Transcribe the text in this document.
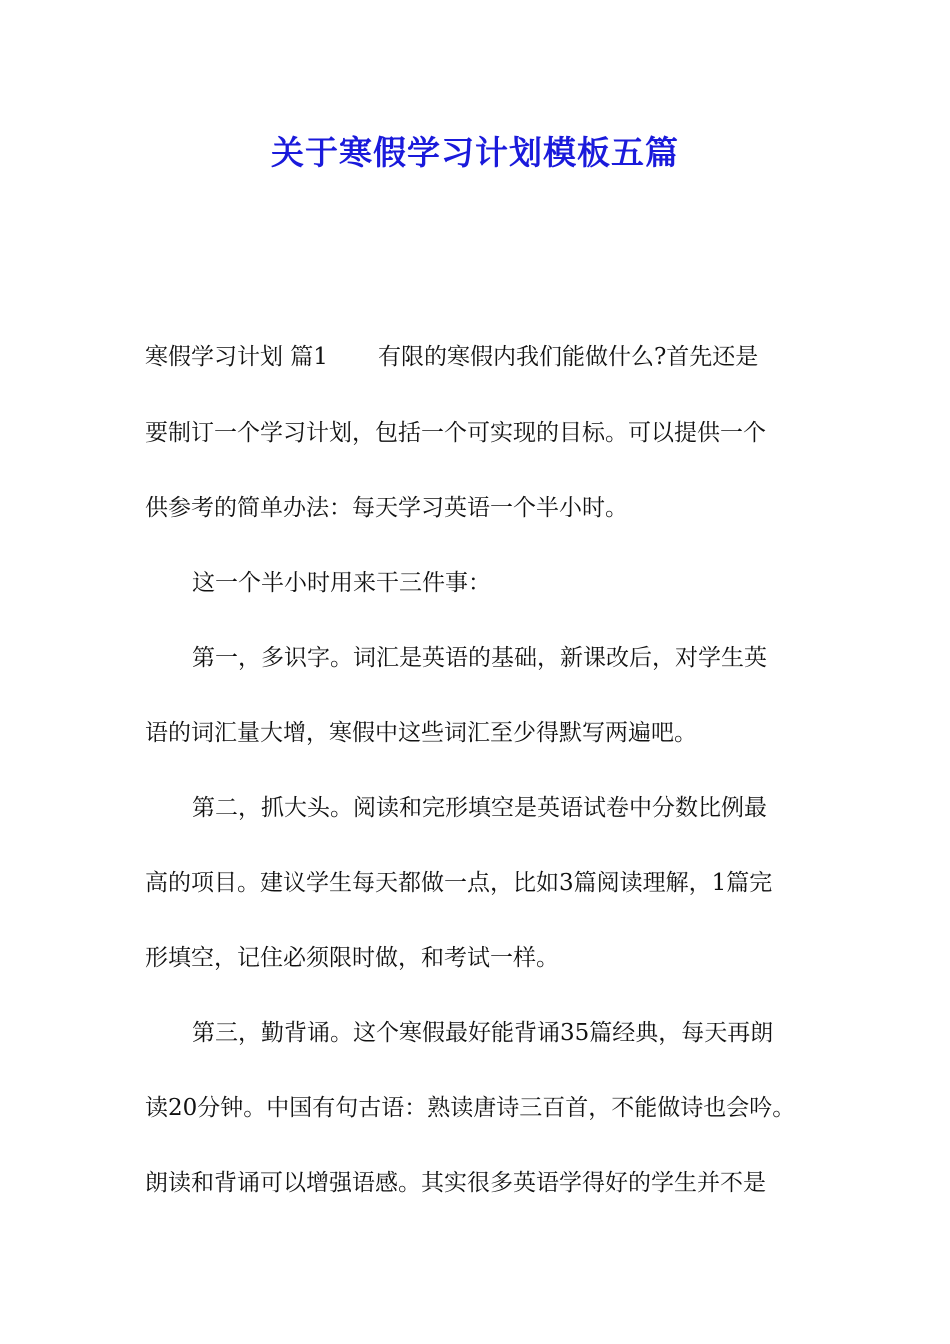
关于寒假学习计划模板五篇

寒假学习计划 篇1 有限的寒假内我们能做什么?首先还是

要制订一个学习计划，包括一个可实现的目标。可以提供一个

供参考的简单办法：每天学习英语一个半小时。

这一个半小时用来干三件事：

第一，多识字。词汇是英语的基础，新课改后，对学生英

语的词汇量大增，寒假中这些词汇至少得默写两遍吧。

第二，抓大头。阅读和完形填空是英语试卷中分数比例最

高的项目。建议学生每天都做一点，比如3篇阅读理解，1篇完

形填空，记住必须限时做，和考试一样。

第三，勤背诵。这个寒假最好能背诵35篇经典，每天再朗

读20分钟。中国有句古语：熟读唐诗三百首，不能做诗也会吟。

朗读和背诵可以增强语感。其实很多英语学得好的学生并不是
